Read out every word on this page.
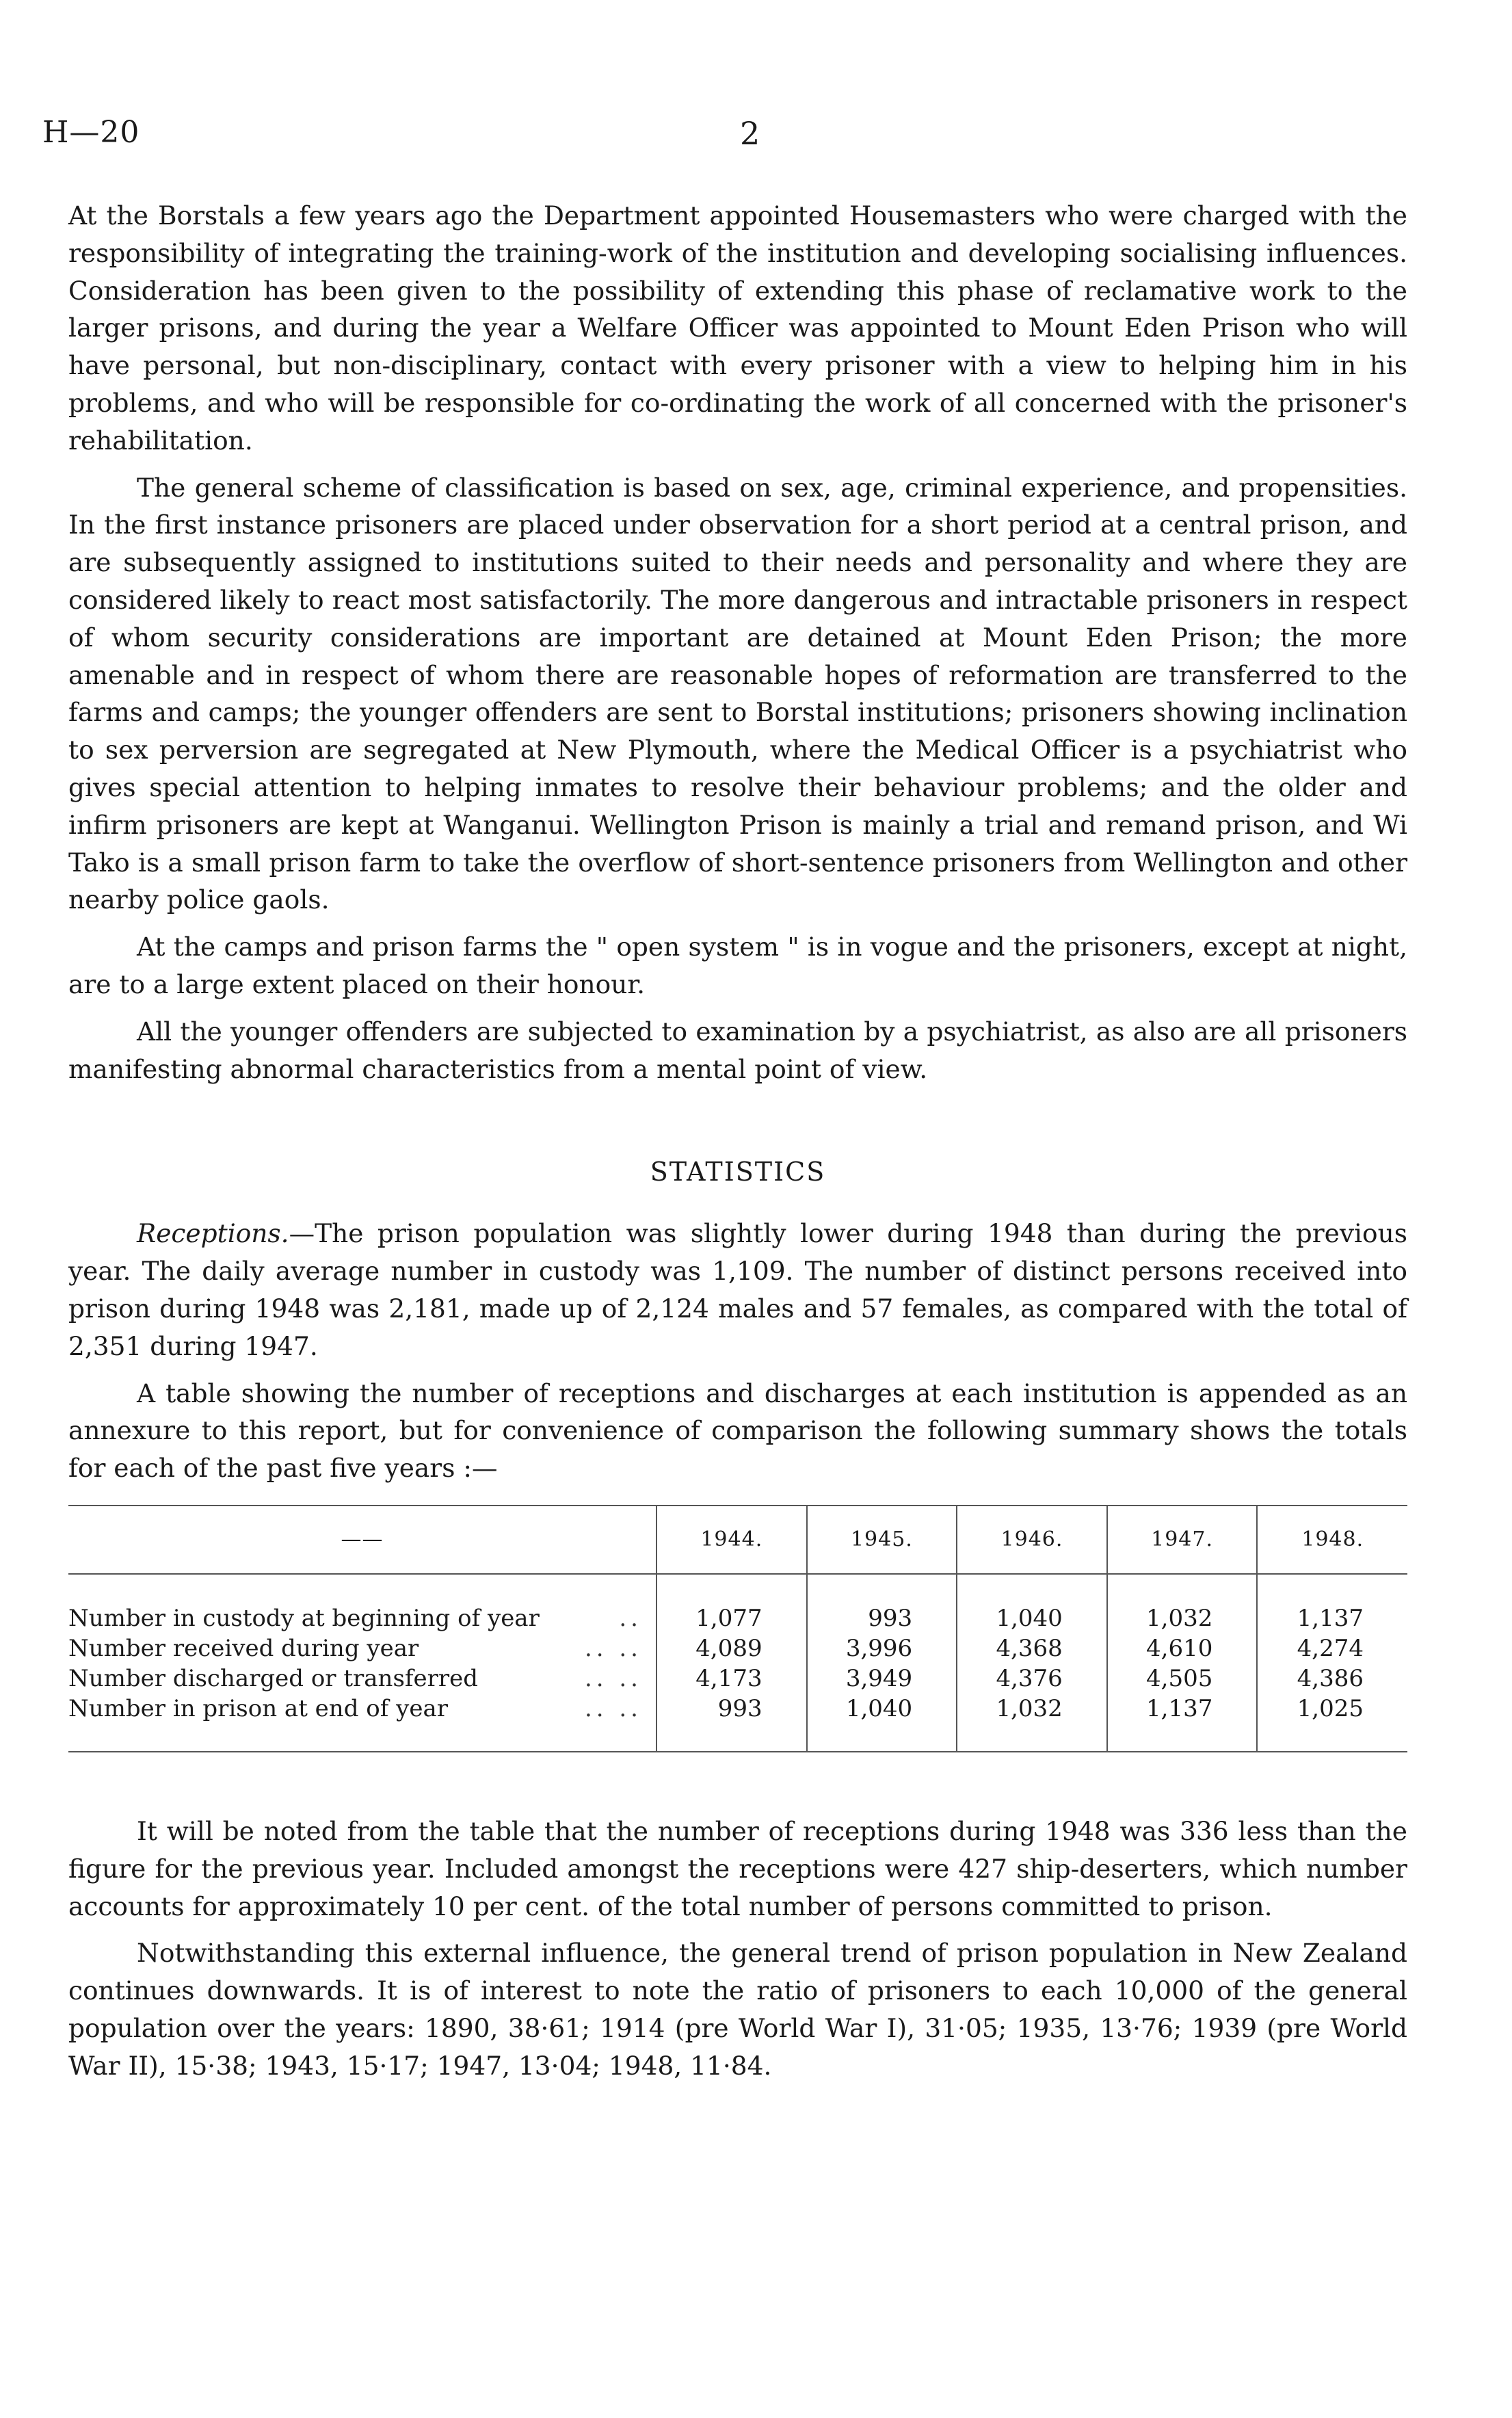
H—20	2

At the Borstals a few years ago the Department appointed Housemasters who were charged with the responsibility of integrating the training-work of the institution and developing socialising influences. Consideration has been given to the possibility of extending this phase of reclamative work to the larger prisons, and during the year a Welfare Officer was appointed to Mount Eden Prison who will have personal, but non-disciplinary, contact with every prisoner with a view to helping him in his problems, and who will be responsible for co-ordinating the work of all concerned with the prisoner's rehabilitation.

The general scheme of classification is based on sex, age, criminal experience, and propensities. In the first instance prisoners are placed under observation for a short period at a central prison, and are subsequently assigned to institutions suited to their needs and personality and where they are considered likely to react most satisfactorily. The more dangerous and intractable prisoners in respect of whom security considerations are important are detained at Mount Eden Prison; the more amenable and in respect of whom there are reasonable hopes of reformation are transferred to the farms and camps; the younger offenders are sent to Borstal institutions; prisoners showing inclination to sex perversion are segregated at New Plymouth, where the Medical Officer is a psychiatrist who gives special attention to helping inmates to resolve their behaviour problems; and the older and infirm prisoners are kept at Wanganui. Wellington Prison is mainly a trial and remand prison, and Wi Tako is a small prison farm to take the overflow of short-sentence prisoners from Wellington and other nearby police gaols.

At the camps and prison farms the " open system " is in vogue and the prisoners, except at night, are to a large extent placed on their honour.

All the younger offenders are subjected to examination by a psychiatrist, as also are all prisoners manifesting abnormal characteristics from a mental point of view.

STATISTICS

Receptions.—The prison population was slightly lower during 1948 than during the previous year. The daily average number in custody was 1,109. The number of distinct persons received into prison during 1948 was 2,181, made up of 2,124 males and 57 females, as compared with the total of 2,351 during 1947.

A table showing the number of receptions and discharges at each institution is appended as an annexure to this report, but for convenience of comparison the following summary shows the totals for each of the past five years :—

——	1944.	1945.	1946.	1947.	1948.

Number in custody at beginning of year ..	1,077	993	1,040	1,032	1,137
Number received during year .. ..	4,089	3,996	4,368	4,610	4,274
Number discharged or transferred .. ..	4,173	3,949	4,376	4,505	4,386
Number in prison at end of year .. ..	993	1,040	1,032	1,137	1,025

It will be noted from the table that the number of receptions during 1948 was 336 less than the figure for the previous year. Included amongst the receptions were 427 ship-deserters, which number accounts for approximately 10 per cent. of the total number of persons committed to prison.

Notwithstanding this external influence, the general trend of prison population in New Zealand continues downwards. It is of interest to note the ratio of prisoners to each 10,000 of the general population over the years: 1890, 38·61; 1914 (pre World War I), 31·05; 1935, 13·76; 1939 (pre World War II), 15·38; 1943, 15·17; 1947, 13·04; 1948, 11·84.
